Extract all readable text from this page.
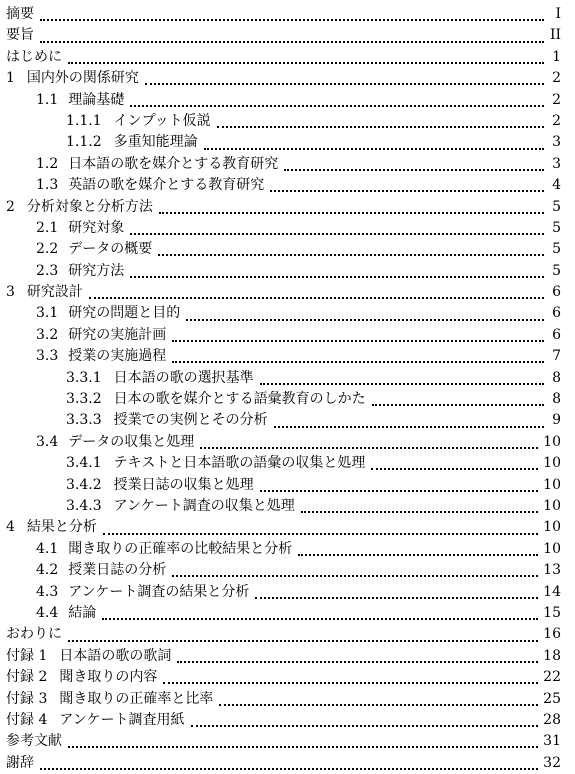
摘要	I
要旨	II
はじめに	1
1 国内外の関係研究	2
1.1 理論基礎	2
1.1.1 インプット仮説	2
1.1.2 多重知能理論	3
1.2 日本語の歌を媒介とする教育研究	3
1.3 英語の歌を媒介とする教育研究	4
2 分析対象と分析方法	5
2.1 研究対象	5
2.2 データの概要	5
2.3 研究方法	5
3 研究設計	6
3.1 研究の問題と目的	6
3.2 研究の実施計画	6
3.3 授業の実施過程	7
3.3.1 日本語の歌の選択基準	8
3.3.2 日本の歌を媒介とする語彙教育のしかた	8
3.3.3 授業での実例とその分析	9
3.4 データの収集と処理	10
3.4.1 テキストと日本語歌の語彙の収集と処理	10
3.4.2 授業日誌の収集と処理	10
3.4.3 アンケート調査の収集と処理	10
4 結果と分析	10
4.1 聞き取りの正確率の比較結果と分析	10
4.2 授業日誌の分析	13
4.3 アンケート調査の結果と分析	14
4.4 結論	15
おわりに	16
付録 1 日本語の歌の歌詞	18
付録 2 聞き取りの内容	22
付録 3 聞き取りの正確率と比率	25
付録 4 アンケート調査用紙	28
参考文献	31
謝辞	32
